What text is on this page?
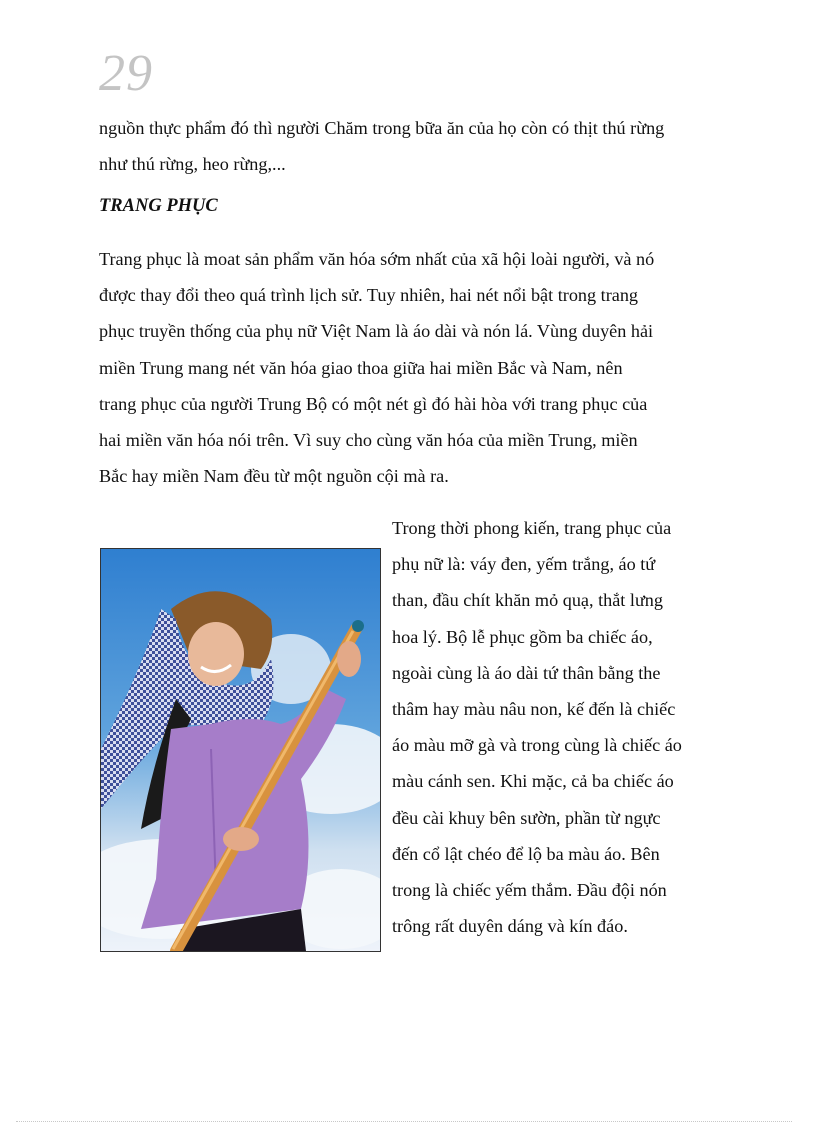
29
nguồn thực phẩm đó thì người Chăm trong bữa ăn của họ còn có thịt thú rừng
như thú rừng, heo rừng,...
TRANG PHỤC
Trang phục là moat sản phẩm văn hóa sớm nhất của xã hội loài người, và nó
được thay đổi theo quá trình lịch sử. Tuy nhiên, hai nét nổi bật trong trang
phục truyền thống của phụ nữ Việt Nam là áo dài và nón lá. Vùng duyên hải
miền Trung mang nét văn hóa giao thoa giữa hai miền Bắc và Nam, nên
trang phục của người Trung Bộ có một nét gì đó hài hòa với trang phục của
hai miền văn hóa nói trên. Vì suy cho cùng văn hóa của miền Trung, miền
Bắc hay miền Nam đều từ một nguồn cội mà ra.
Trong thời phong kiến, trang phục của
phụ nữ là: váy đen, yếm trắng, áo tứ
than, đầu chít khăn mỏ quạ, thắt lưng
hoa lý. Bộ lễ phục gồm ba chiếc áo,
ngoài cùng là áo dài tứ thân bằng the
thâm hay màu nâu non, kế đến là chiếc
áo màu mỡ gà và trong cùng là chiếc áo
màu cánh sen. Khi mặc, cả ba chiếc áo
đều cài khuy bên sườn, phần từ ngực
đến cổ lật chéo để lộ ba màu áo. Bên
trong là chiếc yếm thắm. Đầu đội nón
trông rất duyên dáng và kín đáo.
